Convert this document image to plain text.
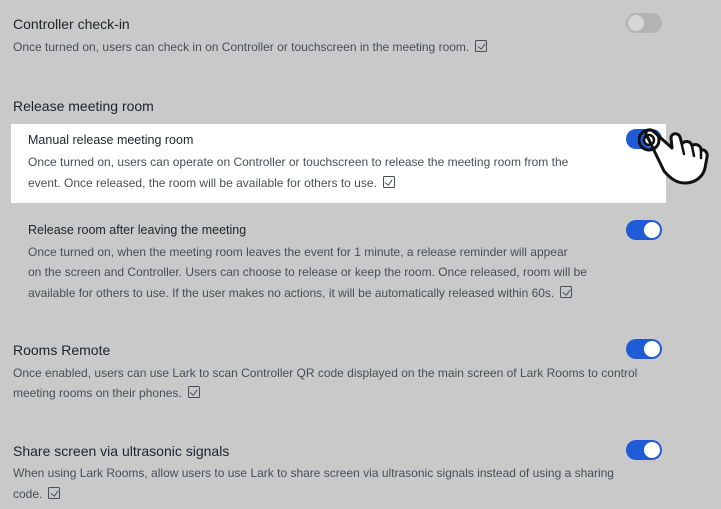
Controller check-in
Once turned on, users can check in on Controller or touchscreen in the meeting room.
Release meeting room
Manual release meeting room
Once turned on, users can operate on Controller or touchscreen to release the meeting room from the
event. Once released, the room will be available for others to use.
Release room after leaving the meeting
Once turned on, when the meeting room leaves the event for 1 minute, a release reminder will appear
on the screen and Controller. Users can choose to release or keep the room. Once released, room will be
available for others to use. If the user makes no actions, it will be automatically released within 60s.
Rooms Remote
Once enabled, users can use Lark to scan Controller QR code displayed on the main screen of Lark Rooms to control
meeting rooms on their phones.
Share screen via ultrasonic signals
When using Lark Rooms, allow users to use Lark to share screen via ultrasonic signals instead of using a sharing
code.
